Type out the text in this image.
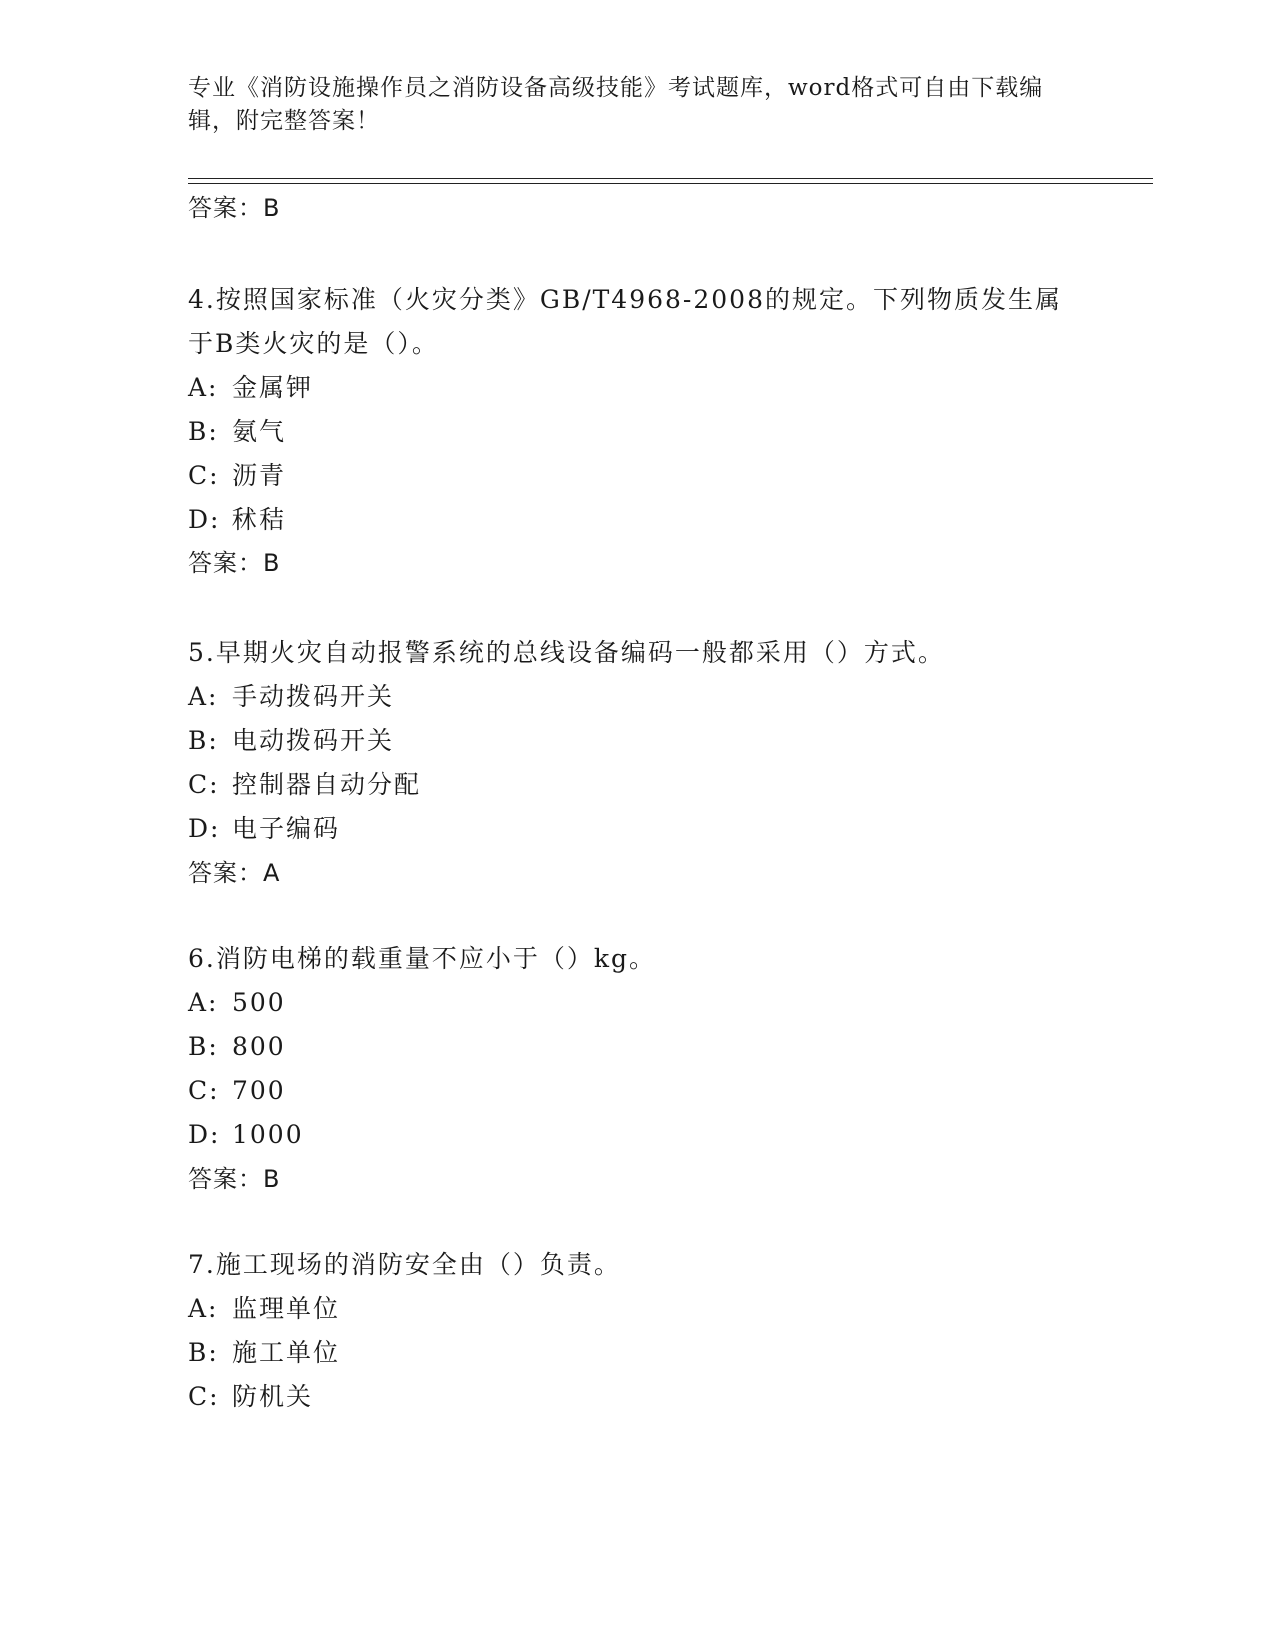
专业《消防设施操作员之消防设备高级技能》考试题库，word格式可自由下载编辑，附完整答案！
答案：B
4.按照国家标准（火灾分类》GB/T4968-2008的规定。下列物质发生属
于B类火灾的是（）。
A: 金属钾
B: 氨气
C: 沥青
D: 秫秸
答案：B
5.早期火灾自动报警系统的总线设备编码一般都采用（）方式。
A: 手动拨码开关
B: 电动拨码开关
C: 控制器自动分配
D: 电子编码
答案：A
6.消防电梯的载重量不应小于（）kg。
A: 500
B: 800
C: 700
D: 1000
答案：B
7.施工现场的消防安全由（）负责。
A: 监理单位
B: 施工单位
C: 防机关
